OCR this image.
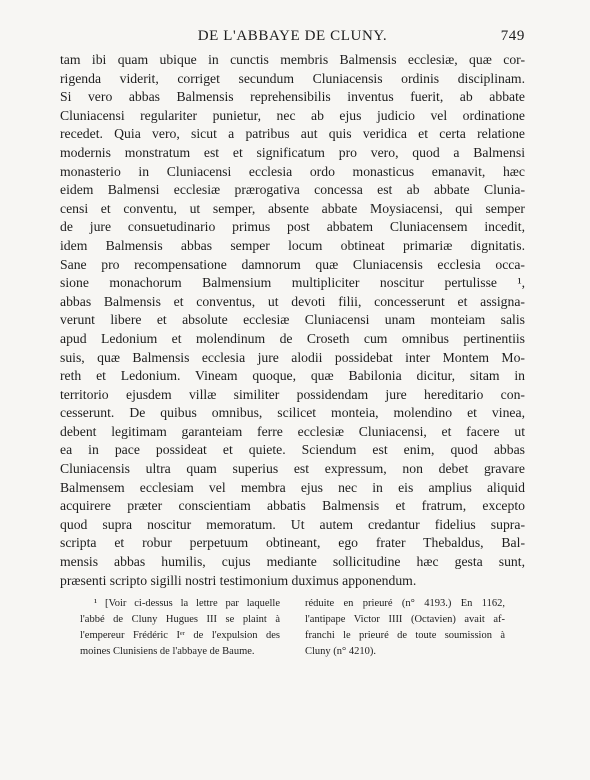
DE L'ABBAYE DE CLUNY.	749
tam ibi quam ubique in cunctis membris Balmensis ecclesiæ, quæ cor-
rigenda viderit, corriget secundum Cluniacensis ordinis disciplinam.
Si vero abbas Balmensis reprehensibilis inventus fuerit, ab abbate
Cluniacensi regulariter punietur, nec ab ejus judicio vel ordinatione
recedet. Quia vero, sicut a patribus aut quis veridica et certa relatione
modernis monstratum est et significatum pro vero, quod a Balmensi
monasterio in Cluniacensi ecclesia ordo monasticus emanavit, hæc
eidem Balmensi ecclesiæ prærogativa concessa est ab abbate Clunia-
censi et conventu, ut semper, absente abbate Moysiacensi, qui semper
de jure consuetudinario primus post abbatem Cluniacensem incedit,
idem Balmensis abbas semper locum obtineat primariæ dignitatis.
Sane pro recompensatione damnorum quæ Cluniacensis ecclesia occa-
sione monachorum Balmensium multipliciter noscitur pertulisse ¹,
abbas Balmensis et conventus, ut devoti filii, concesserunt et assigna-
verunt libere et absolute ecclesiæ Cluniacensi unam monteiam salis
apud Ledonium et molendinum de Croseth cum omnibus pertinentiis
suis, quæ Balmensis ecclesia jure alodii possidebat inter Montem Mo-
reth et Ledonium. Vineam quoque, quæ Babilonia dicitur, sitam in
territorio ejusdem villæ similiter possidendam jure hereditario con-
cesserunt. De quibus omnibus, scilicet monteia, molendino et vinea,
debent legitimam garanteiam ferre ecclesiæ Cluniacensi, et facere ut
ea in pace possideat et quiete. Sciendum est enim, quod abbas
Cluniacensis ultra quam superius est expressum, non debet gravare
Balmensem ecclesiam vel membra ejus nec in eis amplius aliquid
acquirere præter conscientiam abbatis Balmensis et fratrum, excepto
quod supra noscitur memoratum. Ut autem credantur fidelius supra-
scripta et robur perpetuum obtineant, ego frater Thebaldus, Bal-
mensis abbas humilis, cujus mediante sollicitudine hæc gesta sunt,
præsenti scripto sigilli nostri testimonium duximus apponendum.
¹ [Voir ci-dessus la lettre par laquelle
l'abbé de Cluny Hugues III se plaint à
l'empereur Frédéric Iᵉʳ de l'expulsion des
moines Clunisiens de l'abbaye de Baume.
réduite en prieuré (n° 4193.) En 1162,
l'antipape Victor IIII (Octavien) avait af-
franchi le prieuré de toute soumission à
Cluny (n° 4210).
